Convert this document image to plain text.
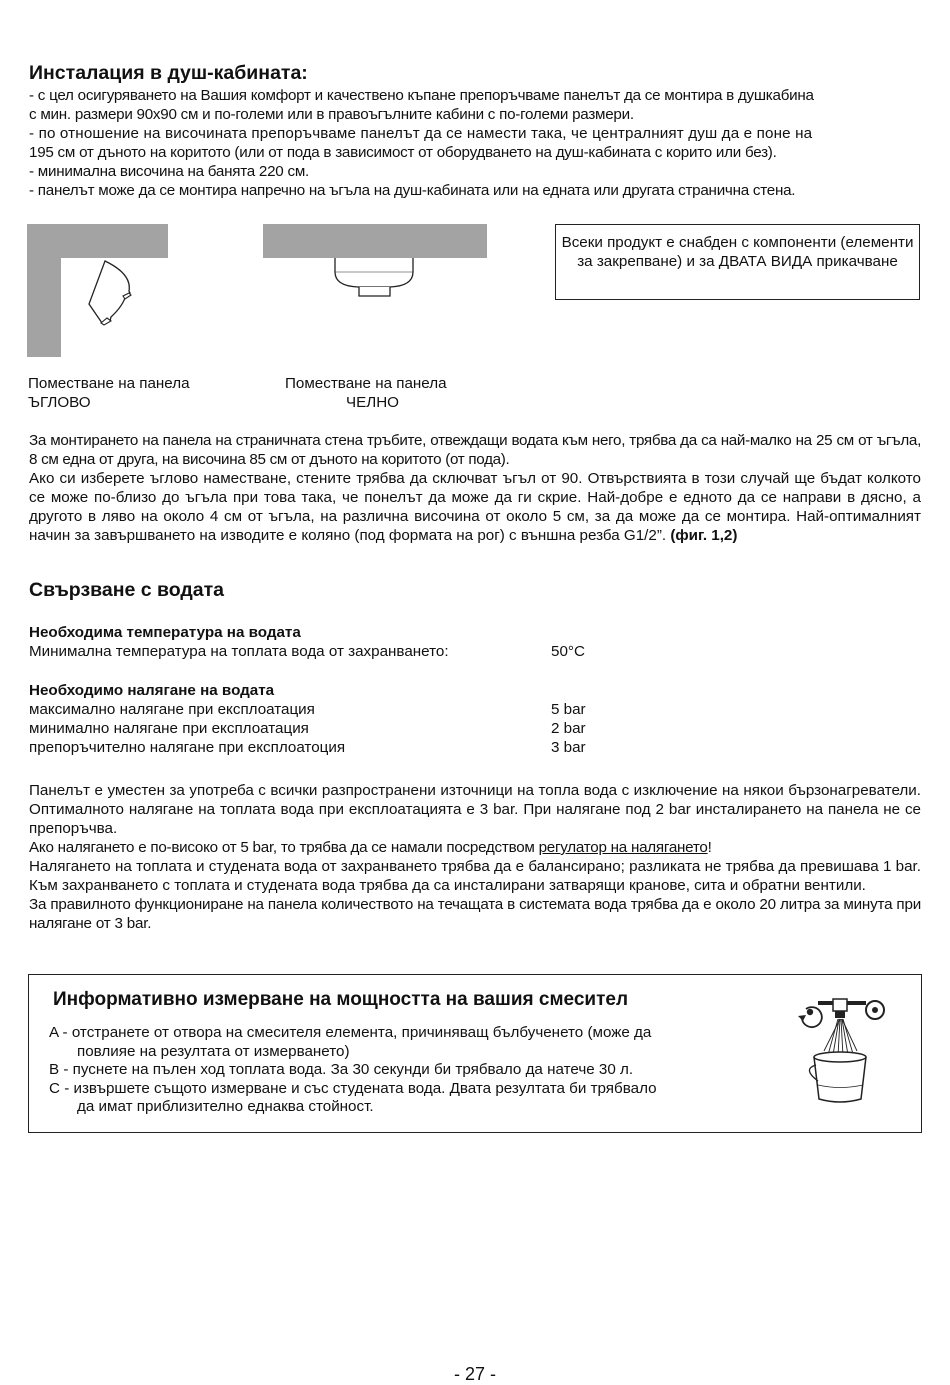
Инсталация в душ-кабината:
- с цел осигуряването на Вашия комфорт и качествено къпане препоръчваме панелът да се монтира в душкабина
с мин. размери 90x90 см и по-големи или в правоъгълните кабини с по-големи размери.
- по отношение на височината препоръчваме панелът да се намести така, че централният душ да е поне на
195 см от дъното на коритото (или от пода в зависимост от оборудването на душ-кабината с корито или без).
- минимална височина на банята 220 см.
- панелът може да се монтира напречно на ъгъла на душ-кабината или на едната или другата странична стена.
Поместване на панела
ЪГЛОВО
Поместване на панела
ЧЕЛНО
Всеки продукт е снабден с компоненти (елементи за закрепване) и за ДВАТА ВИДА прикачване

За монтирането на панела на страничната стена тръбите, отвеждащи водата към него, трябва да са най-малко на 25 см от ъгъла, 8 см една от друга, на височина 85 см от дъното на коритото (от пода).

Ако си изберете ъглово наместване, стените трябва да сключват ъгъл от 90. Отвърствията в този случай ще бъдат колкото се може по-близо до ъгъла при това така, че понелът да може да ги скрие. Най-добре е едното да се направи в дясно, а другото в ляво на около 4 см от ъгъла, на различна височина от около 5 см, за да може да се монтира. Най-оптималният начин за завършването на изводите е коляно (под формата на рог) с външна резба G1/2”. (фиг. 1,2)

Свързване с водата
Необходима температура на водата
Минимална температура на топлата вода от захранването:	50°C
Необходимо налягане на водата
максимално налягане при експлоатация	5 bar
минимално налягане при експлоатация	2 bar
препоръчително налягане при експлоатоция	3 bar

Панелът е уместен за употреба с всички разпространени източници на топла вода с изключение на някои бързонагреватели. Оптималното налягане на топлата вода при експлоатацията е 3 bar. При налягане под 2 bar инсталирането на панела не се препоръчва.

Ако налягането е по-високо от 5 bar, то трябва да се намали посредством регулатор на налягането!

Налягането на топлата и студената вода от захранването трябва да е балансирано; разликата не трябва да превишава 1 bar. Към захранването с топлата и студената вода трябва да са инсталирани затварящи кранове, сита и обратни вентили.

За правилното функциониране на панела количеството на течащата в системата вода трябва да е около 20 литра за минута при налягане от 3 bar.

Информативно измерване на мощността на вашия смесител
A - отстранете от отвора на смесителя елемента, причиняващ бълбученето (може да
повлияе на резултата от измерването)
B - пуснете на пълен ход топлата вода. За 30 секунди би трябвало да натече 30 л.
C - извършете същото измерване и със студената вода. Двата резултата би трябвало
да имат приблизително еднаква стойност.
- 27 -
